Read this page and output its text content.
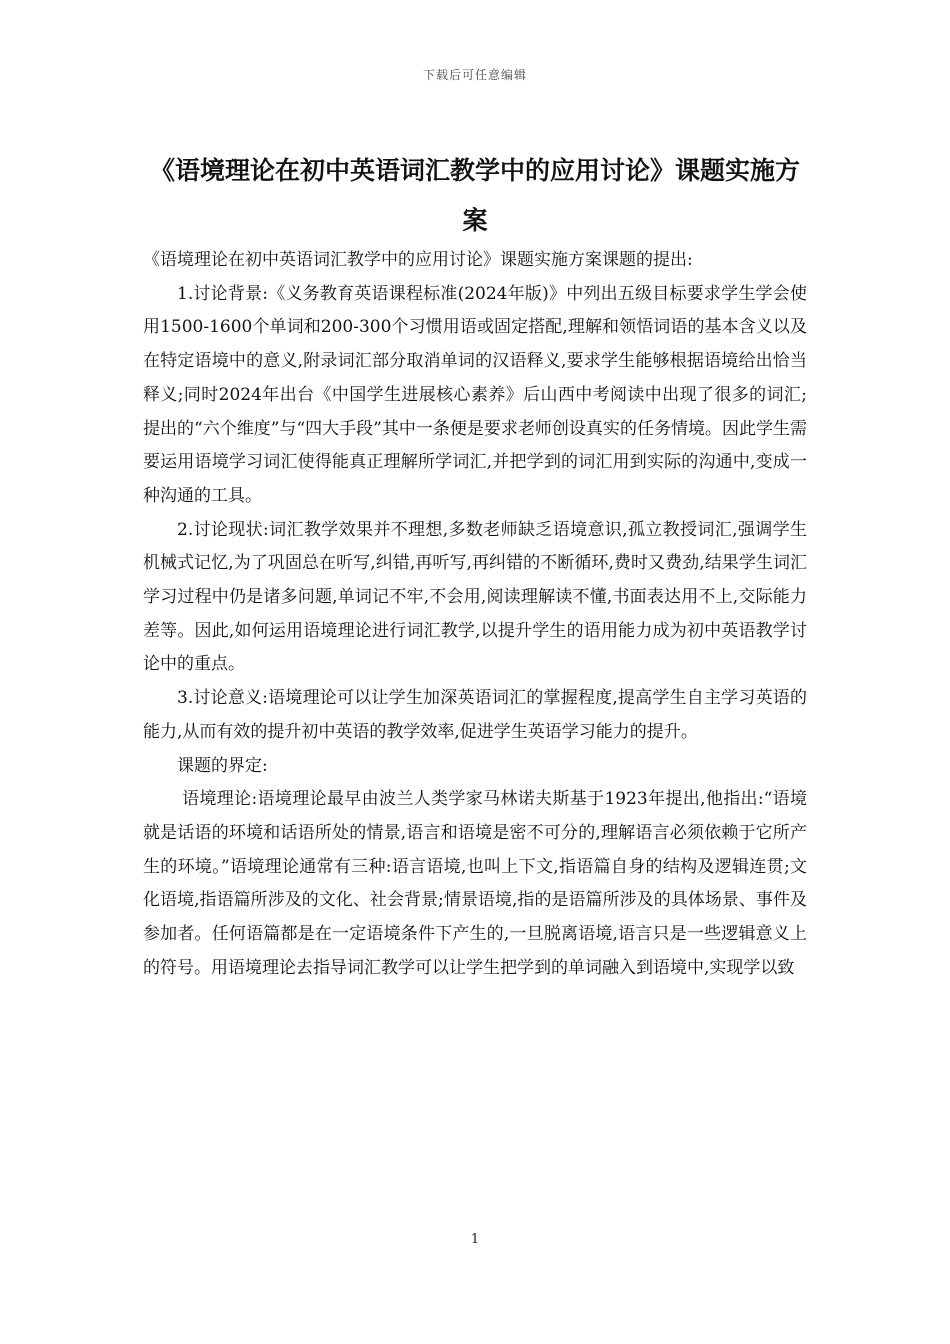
下载后可任意编辑
《语境理论在初中英语词汇教学中的应用讨论》课题实施方案

《语境理论在初中英语词汇教学中的应用讨论》课题实施方案课题的提出:

1.讨论背景:《义务教育英语课程标准(2024年版)》中列出五级目标要求学生学会使用1500-1600个单词和200-300个习惯用语或固定搭配,理解和领悟词语的基本含义以及在特定语境中的意义,附录词汇部分取消单词的汉语释义,要求学生能够根据语境给出恰当释义;同时2024年出台《中国学生进展核心素养》后山西中考阅读中出现了很多的词汇;提出的“六个维度”与“四大手段”其中一条便是要求老师创设真实的任务情境。因此学生需要运用语境学习词汇使得能真正理解所学词汇,并把学到的词汇用到实际的沟通中,变成一种沟通的工具。

2.讨论现状:词汇教学效果并不理想,多数老师缺乏语境意识,孤立教授词汇,强调学生机械式记忆,为了巩固总在听写,纠错,再听写,再纠错的不断循环,费时又费劲,结果学生词汇学习过程中仍是诸多问题,单词记不牢,不会用,阅读理解读不懂,书面表达用不上,交际能力差等。因此,如何运用语境理论进行词汇教学,以提升学生的语用能力成为初中英语教学讨论中的重点。

3.讨论意义:语境理论可以让学生加深英语词汇的掌握程度,提高学生自主学习英语的能力,从而有效的提升初中英语的教学效率,促进学生英语学习能力的提升。

课题的界定:

语境理论:语境理论最早由波兰人类学家马林诺夫斯基于1923年提出,他指出:“语境就是话语的环境和话语所处的情景,语言和语境是密不可分的,理解语言必须依赖于它所产生的环境。”语境理论通常有三种:语言语境,也叫上下文,指语篇自身的结构及逻辑连贯;文化语境,指语篇所涉及的文化、社会背景;情景语境,指的是语篇所涉及的具体场景、事件及参加者。任何语篇都是在一定语境条件下产生的,一旦脱离语境,语言只是一些逻辑意义上的符号。用语境理论去指导词汇教学可以让学生把学到的单词融入到语境中,实现学以致

1
